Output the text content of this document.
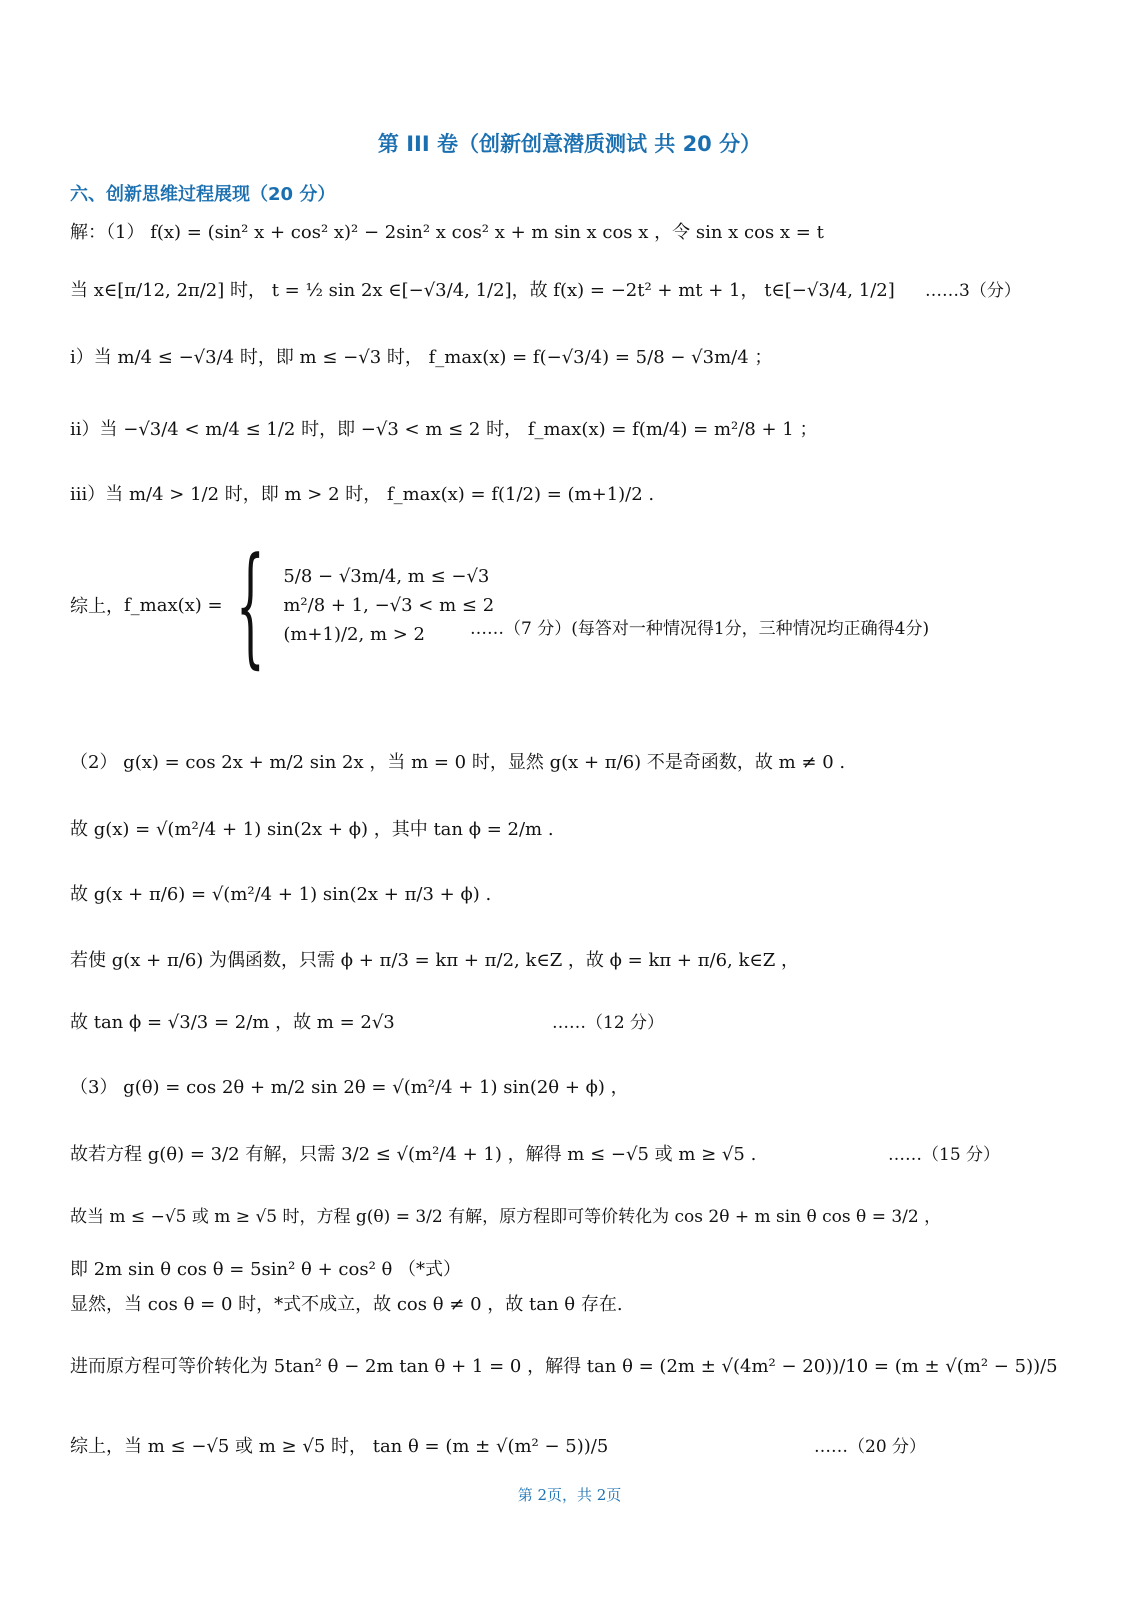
第 III 卷（创新创意潜质测试 共 20 分）
六、创新思维过程展现（20 分）
解：（1）
f(x) = (sin² x + cos² x)² − 2sin² x cos² x + m sin x cos x ，令 sin x cos x = t
当 x∈[π/12, 2π/2] 时， t = ½ sin 2x ∈[−√3/4, 1/2]，故 f(x) = −2t² + mt + 1， t∈[−√3/4, 1/2] ……3（分）
i）当 m/4 ≤ −√3/4 时，即 m ≤ −√3 时， f_max(x) = f(−√3/4) = 5/8 − √3m/4 ；
ii）当 −√3/4 < m/4 ≤ 1/2 时，即 −√3 < m ≤ 2 时， f_max(x) = f(m/4) = m²/8 + 1 ；
iii）当 m/4 > 1/2 时，即 m > 2 时， f_max(x) = f(1/2) = (m+1)/2 .
综上， f_max(x) = { 5/8 − √3m/4, m ≤ −√3
m²/8 + 1, −√3 < m ≤ 2
(m+1)/2, m > 2	……（7 分）(每答对一种情况得1分，三种情况均正确得4分)
（2） g(x) = cos 2x + m/2 sin 2x ，当 m = 0 时，显然 g(x + π/6) 不是奇函数，故 m ≠ 0 .
故 g(x) = √(m²/4 + 1) sin(2x + ϕ) ，其中 tan ϕ = 2/m .
故 g(x + π/6) = √(m²/4 + 1) sin(2x + π/3 + ϕ) .
若使 g(x + π/6) 为偶函数，只需 ϕ + π/3 = kπ + π/2, k∈Z ，故 ϕ = kπ + π/6, k∈Z ，
故 tan ϕ = √3/3 = 2/m ，故 m = 2√3	……（12 分）
（3） g(θ) = cos 2θ + m/2 sin 2θ = √(m²/4 + 1) sin(2θ + ϕ) ，
故若方程 g(θ) = 3/2 有解，只需 3/2 ≤ √(m²/4 + 1) ，解得 m ≤ −√5 或 m ≥ √5 .	……（15 分）
故当 m ≤ −√5 或 m ≥ √5 时，方程 g(θ) = 3/2 有解，原方程即可等价转化为 cos 2θ + m sin θ cos θ = 3/2 ，
即 2m sin θ cos θ = 5sin² θ + cos² θ （*式）
显然，当 cos θ = 0 时，*式不成立，故 cos θ ≠ 0 ，故 tan θ 存在.
进而原方程可等价转化为 5tan² θ − 2m tan θ + 1 = 0 ，解得 tan θ = (2m ± √(4m² − 20))/10 = (m ± √(m² − 5))/5
综上，当 m ≤ −√5 或 m ≥ √5 时， tan θ = (m ± √(m² − 5))/5	……（20 分）
第 2页，共 2页
